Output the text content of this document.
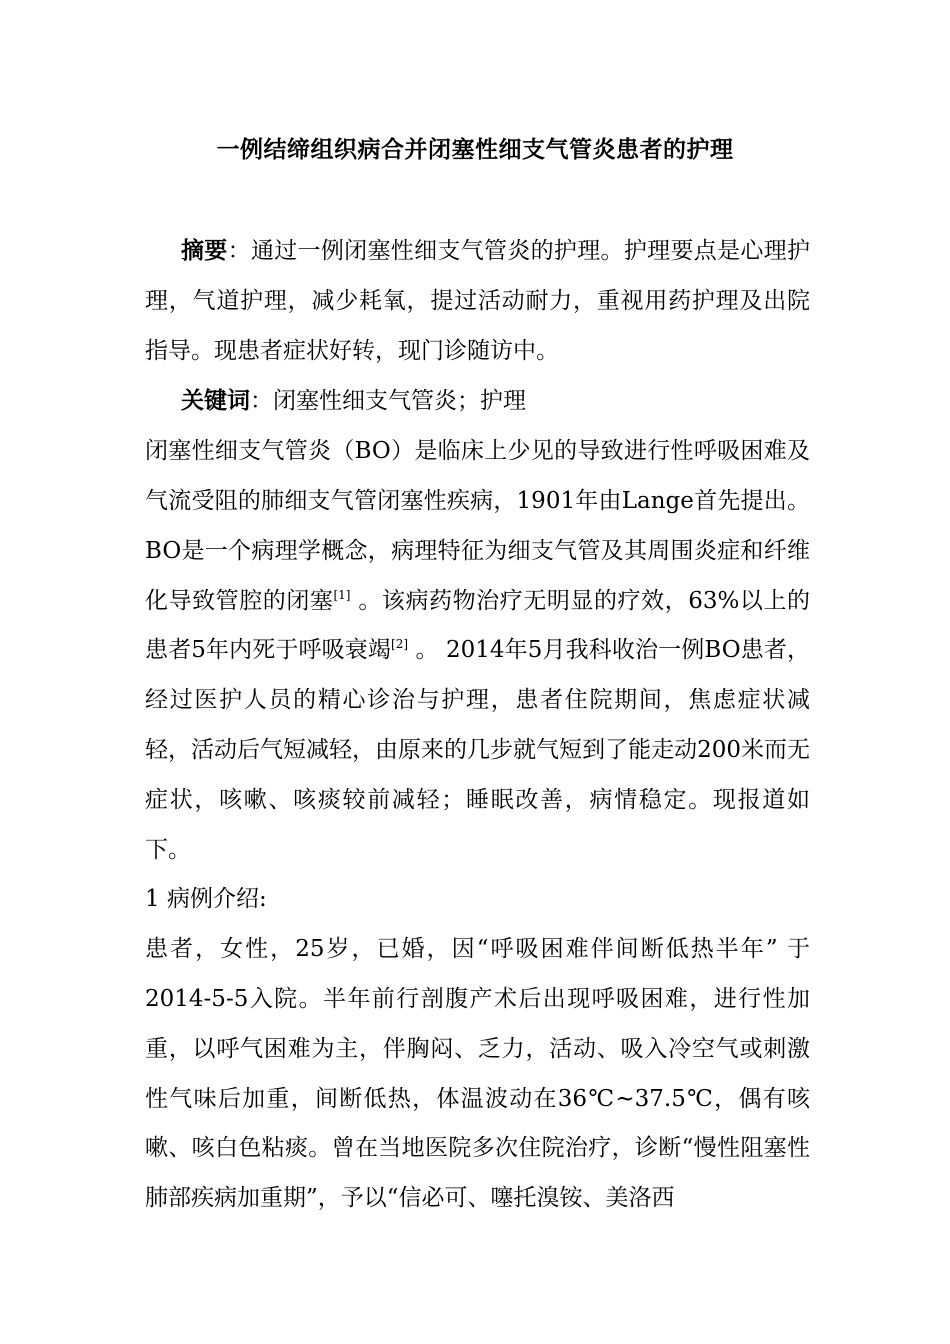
一例结缔组织病合并闭塞性细支气管炎患者的护理

摘要：通过一例闭塞性细支气管炎的护理。护理要点是心理护理，气道护理，减少耗氧，提过活动耐力，重视用药护理及出院指导。现患者症状好转，现门诊随访中。

关键词：闭塞性细支气管炎；护理

闭塞性细支气管炎（BO）是临床上少见的导致进行性呼吸困难及气流受阻的肺细支气管闭塞性疾病，1901年由Lange首先提出。BO是一个病理学概念，病理特征为细支气管及其周围炎症和纤维化导致管腔的闭塞[1] 。该病药物治疗无明显的疗效，63%以上的患者5年内死于呼吸衰竭[2] 。 2014年5月我科收治一例BO患者，经过医护人员的精心诊治与护理，患者住院期间，焦虑症状减轻，活动后气短减轻，由原来的几步就气短到了能走动200米而无症状，咳嗽、咳痰较前减轻；睡眠改善，病情稳定。现报道如下。

1 病例介绍:

患者，女性，25岁，已婚，因“呼吸困难伴间断低热半年” 于2014-5-5入院。半年前行剖腹产术后出现呼吸困难，进行性加重，以呼气困难为主，伴胸闷、乏力，活动、吸入冷空气或刺激性气味后加重，间断低热，体温波动在36℃~37.5℃，偶有咳嗽、咳白色粘痰。曾在当地医院多次住院治疗，诊断“慢性阻塞性肺部疾病加重期”，予以“信必可、噻托溴铵、美洛西
